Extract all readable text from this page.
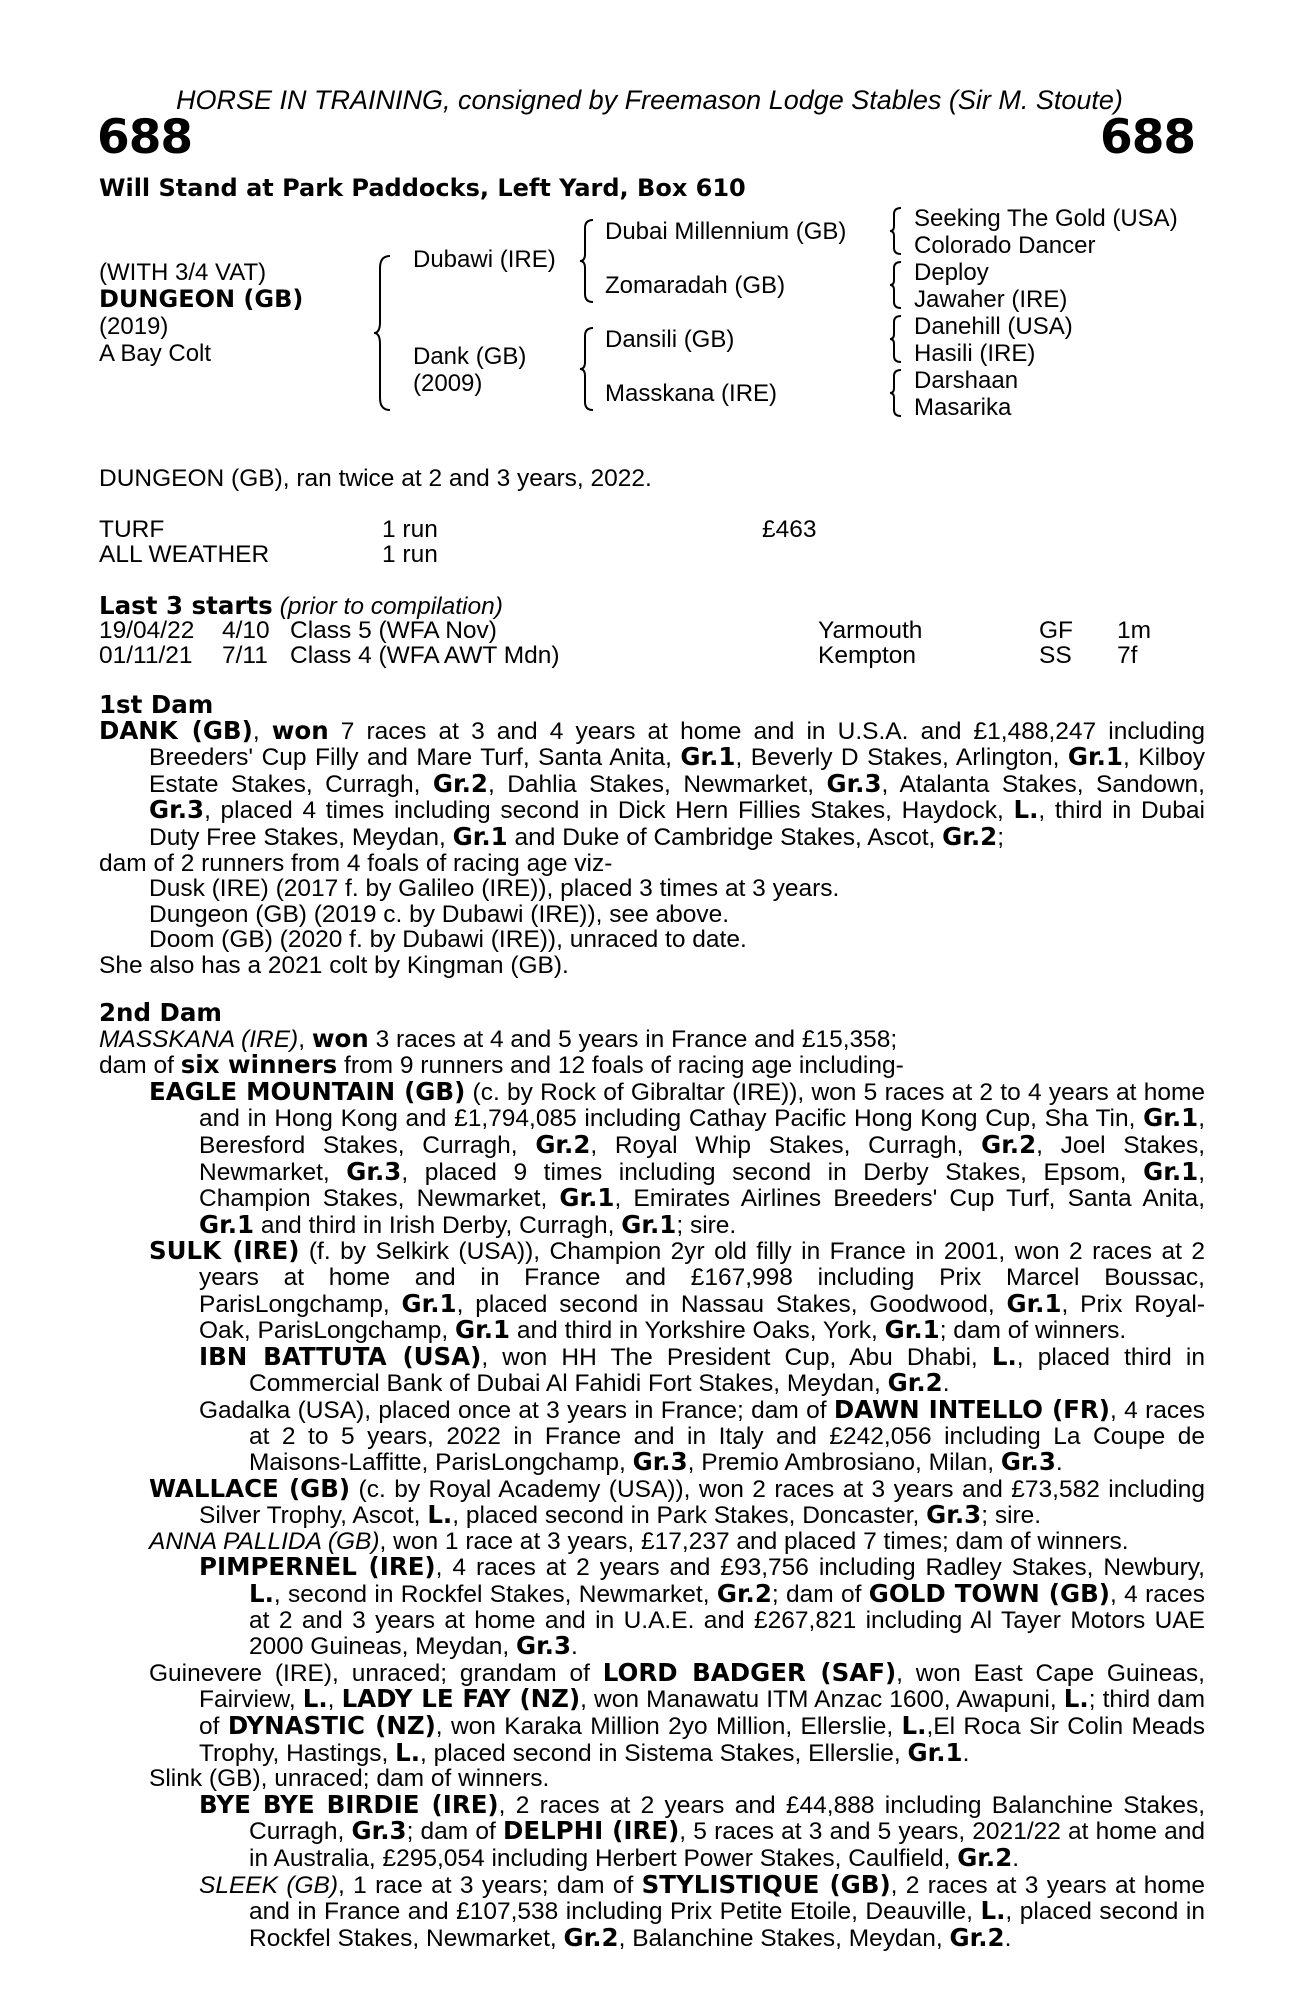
HORSE IN TRAINING, consigned by Freemason Lodge Stables (Sir M. Stoute)
688	688
Will Stand at Park Paddocks, Left Yard, Box 610
(WITH 3/4 VAT)
DUNGEON (GB)
(2019)
A Bay Colt
Dubawi (IRE)
Dank (GB)
(2009)
Dubai Millennium (GB)
Zomaradah (GB)
Dansili (GB)
Masskana (IRE)
Seeking The Gold (USA)
Colorado Dancer
Deploy
Jawaher (IRE)
Danehill (USA)
Hasili (IRE)
Darshaan
Masarika
DUNGEON (GB), ran twice at 2 and 3 years, 2022.
TURF	1 run	£463
ALL WEATHER	1 run
Last 3 starts (prior to compilation)
19/04/22 4/10 Class 5 (WFA Nov)	Yarmouth	GF 1m
01/11/21 7/11 Class 4 (WFA AWT Mdn)	Kempton	SS 7f

1st Dam

DANK (GB), won 7 races at 3 and 4 years at home and in U.S.A. and £1,488,247 including Breeders' Cup Filly and Mare Turf, Santa Anita, Gr.1, Beverly D Stakes, Arlington, Gr.1, Kilboy Estate Stakes, Curragh, Gr.2, Dahlia Stakes, Newmarket, Gr.3, Atalanta Stakes, Sandown, Gr.3, placed 4 times including second in Dick Hern Fillies Stakes, Haydock, L., third in Dubai Duty Free Stakes, Meydan, Gr.1 and Duke of Cambridge Stakes, Ascot, Gr.2;

dam of 2 runners from 4 foals of racing age viz-

Dusk (IRE) (2017 f. by Galileo (IRE)), placed 3 times at 3 years.

Dungeon (GB) (2019 c. by Dubawi (IRE)), see above.

Doom (GB) (2020 f. by Dubawi (IRE)), unraced to date.

She also has a 2021 colt by Kingman (GB).

2nd Dam

MASSKANA (IRE), won 3 races at 4 and 5 years in France and £15,358;

dam of six winners from 9 runners and 12 foals of racing age including-

EAGLE MOUNTAIN (GB) (c. by Rock of Gibraltar (IRE)), won 5 races at 2 to 4 years at home and in Hong Kong and £1,794,085 including Cathay Pacific Hong Kong Cup, Sha Tin, Gr.1, Beresford Stakes, Curragh, Gr.2, Royal Whip Stakes, Curragh, Gr.2, Joel Stakes, Newmarket, Gr.3, placed 9 times including second in Derby Stakes, Epsom, Gr.1, Champion Stakes, Newmarket, Gr.1, Emirates Airlines Breeders' Cup Turf, Santa Anita, Gr.1 and third in Irish Derby, Curragh, Gr.1; sire.

SULK (IRE) (f. by Selkirk (USA)), Champion 2yr old filly in France in 2001, won 2 races at 2 years at home and in France and £167,998 including Prix Marcel Boussac, ParisLongchamp, Gr.1, placed second in Nassau Stakes, Goodwood, Gr.1, Prix Royal-Oak, ParisLongchamp, Gr.1 and third in Yorkshire Oaks, York, Gr.1; dam of winners.

IBN BATTUTA (USA), won HH The President Cup, Abu Dhabi, L., placed third in Commercial Bank of Dubai Al Fahidi Fort Stakes, Meydan, Gr.2.

Gadalka (USA), placed once at 3 years in France; dam of DAWN INTELLO (FR), 4 races at 2 to 5 years, 2022 in France and in Italy and £242,056 including La Coupe de Maisons-Laffitte, ParisLongchamp, Gr.3, Premio Ambrosiano, Milan, Gr.3.

WALLACE (GB) (c. by Royal Academy (USA)), won 2 races at 3 years and £73,582 including Silver Trophy, Ascot, L., placed second in Park Stakes, Doncaster, Gr.3; sire.

ANNA PALLIDA (GB), won 1 race at 3 years, £17,237 and placed 7 times; dam of winners.

PIMPERNEL (IRE), 4 races at 2 years and £93,756 including Radley Stakes, Newbury, L., second in Rockfel Stakes, Newmarket, Gr.2; dam of GOLD TOWN (GB), 4 races at 2 and 3 years at home and in U.A.E. and £267,821 including Al Tayer Motors UAE 2000 Guineas, Meydan, Gr.3.

Guinevere (IRE), unraced; grandam of LORD BADGER (SAF), won East Cape Guineas, Fairview, L., LADY LE FAY (NZ), won Manawatu ITM Anzac 1600, Awapuni, L.; third dam of DYNASTIC (NZ), won Karaka Million 2yo Million, Ellerslie, L.,El Roca Sir Colin Meads Trophy, Hastings, L., placed second in Sistema Stakes, Ellerslie, Gr.1.

Slink (GB), unraced; dam of winners.

BYE BYE BIRDIE (IRE), 2 races at 2 years and £44,888 including Balanchine Stakes, Curragh, Gr.3; dam of DELPHI (IRE), 5 races at 3 and 5 years, 2021/22 at home and in Australia, £295,054 including Herbert Power Stakes, Caulfield, Gr.2.

SLEEK (GB), 1 race at 3 years; dam of STYLISTIQUE (GB), 2 races at 3 years at home and in France and £107,538 including Prix Petite Etoile, Deauville, L., placed second in Rockfel Stakes, Newmarket, Gr.2, Balanchine Stakes, Meydan, Gr.2.
